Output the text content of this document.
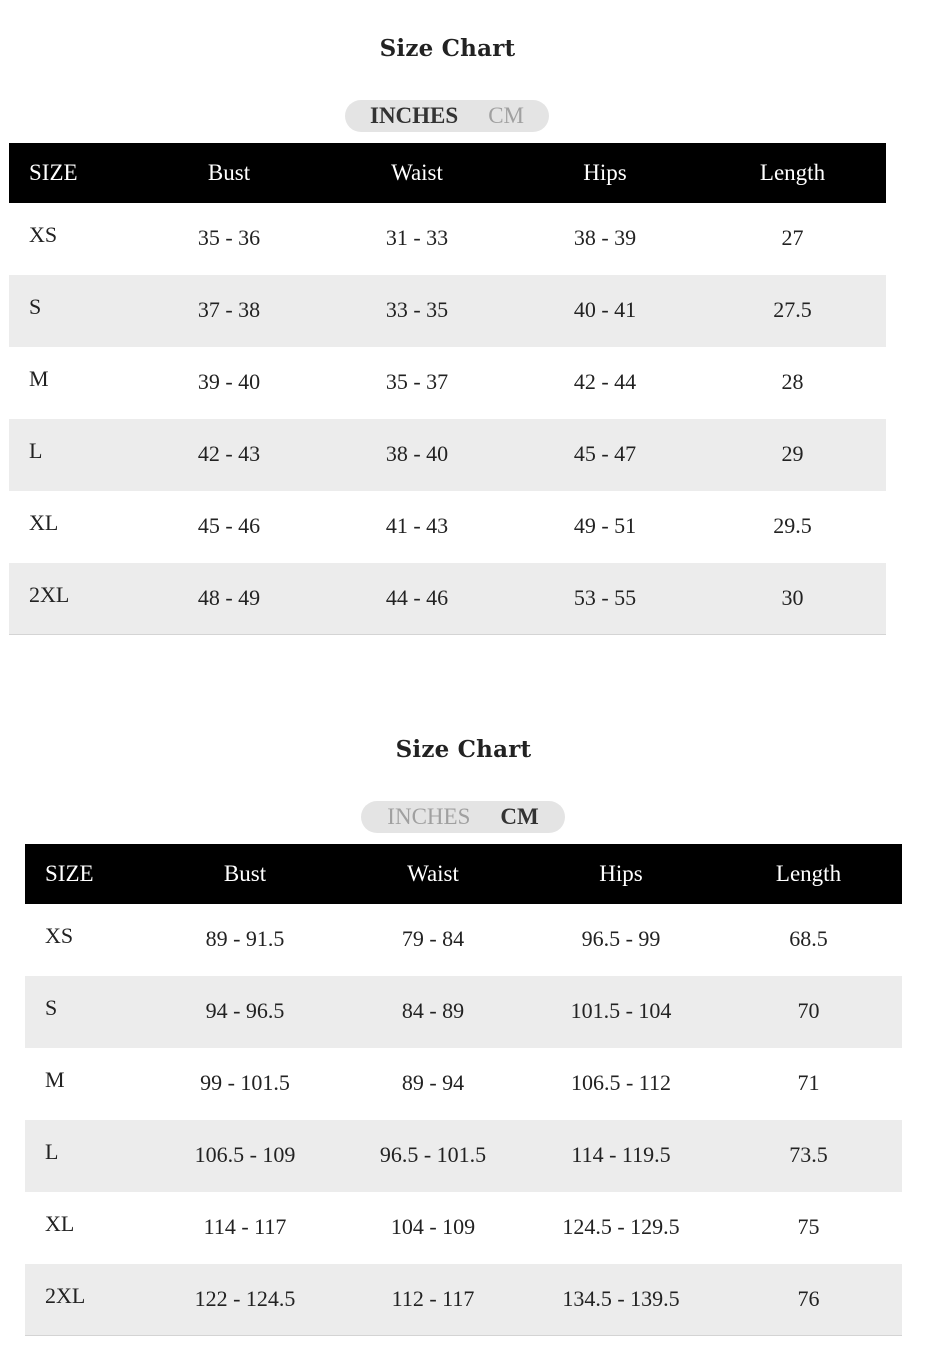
Size Chart
INCHES CM
SIZE	Bust	Waist	Hips	Length
XS	35 - 36	31 - 33	38 - 39	27
S	37 - 38	33 - 35	40 - 41	27.5
M	39 - 40	35 - 37	42 - 44	28
L	42 - 43	38 - 40	45 - 47	29
XL	45 - 46	41 - 43	49 - 51	29.5
2XL	48 - 49	44 - 46	53 - 55	30
Size Chart
INCHES CM
SIZE	Bust	Waist	Hips	Length
XS	89 - 91.5	79 - 84	96.5 - 99	68.5
S	94 - 96.5	84 - 89	101.5 - 104	70
M	99 - 101.5	89 - 94	106.5 - 112	71
L	106.5 - 109	96.5 - 101.5	114 - 119.5	73.5
XL	114 - 117	104 - 109	124.5 - 129.5	75
2XL	122 - 124.5	112 - 117	134.5 - 139.5	76
